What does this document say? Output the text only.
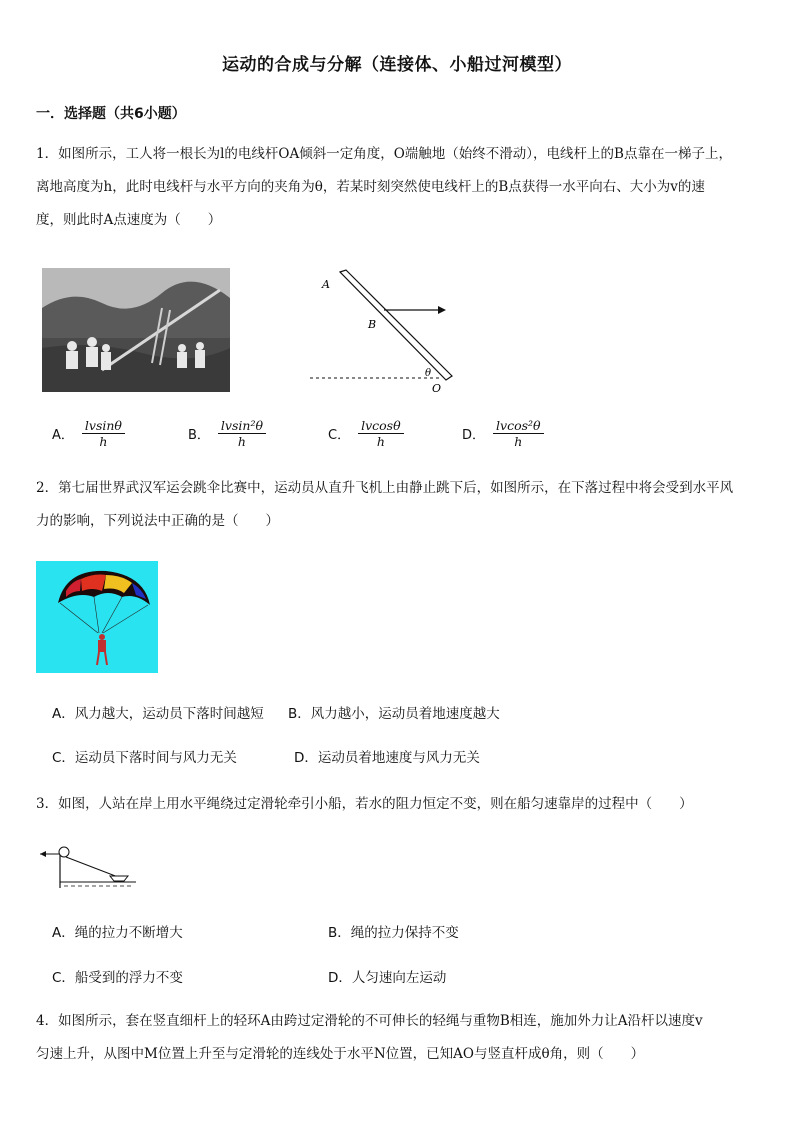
运动的合成与分解（连接体、小船过河模型）
一．选择题（共6小题）
1．如图所示，工人将一根长为l的电线杆OA倾斜一定角度，O端触地（始终不滑动），电线杆上的B点靠在一梯子上，
离地高度为h，此时电线杆与水平方向的夹角为θ，若某时刻突然使电线杆上的B点获得一水平向右、大小为v的速
度，则此时A点速度为（　　）
A
B
θ
O
A． $\frac{lvsin\theta}{h}$	B． $\frac{\text{lvsin²θ}}{h}$	C． $\frac{lvcos\theta}{h}$	D． $\frac{\text{lvcos²θ}}{h}$
2．第七届世界武汉军运会跳伞比赛中，运动员从直升飞机上由静止跳下后，如图所示，在下落过程中将会受到水平风
力的影响，下列说法中正确的是（　　）
A．风力越大，运动员下落时间越短 B．风力越小，运动员着地速度越大
C．运动员下落时间与风力无关	D．运动员着地速度与风力无关
3．如图，人站在岸上用水平绳绕过定滑轮牵引小船，若水的阻力恒定不变，则在船匀速靠岸的过程中（　　）
A．绳的拉力不断增大	B．绳的拉力保持不变
C．船受到的浮力不变	D．人匀速向左运动
4．如图所示，套在竖直细杆上的轻环A由跨过定滑轮的不可伸长的轻绳与重物B相连，施加外力让A沿杆以速度v
匀速上升，从图中M位置上升至与定滑轮的连线处于水平N位置，已知AO与竖直杆成θ角，则（　　）
